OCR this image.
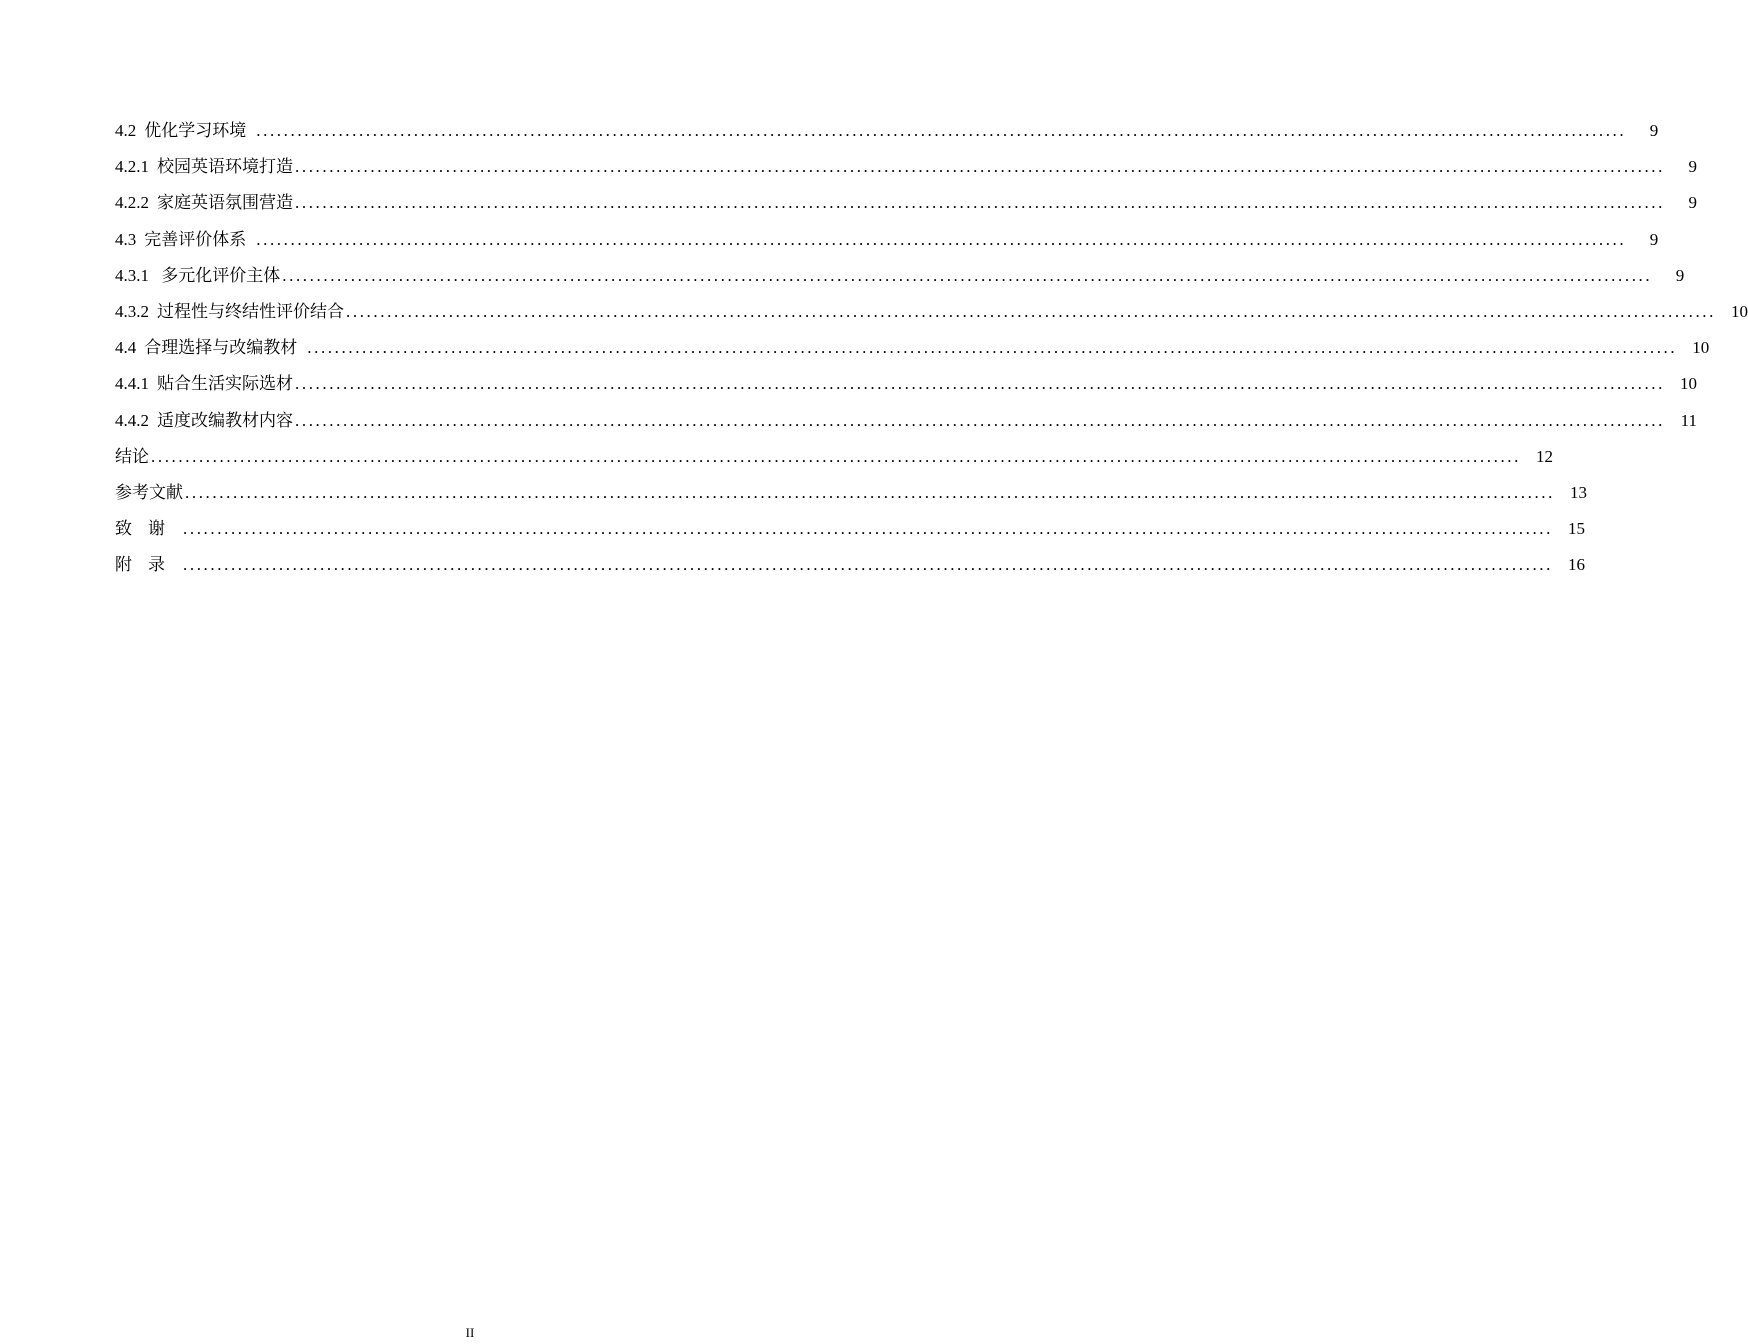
4.2 优化学习环境 ........................................................................................................................................................................................................	9
4.2.1 校园英语环境打造 ........................................................................................................................................................................................................	9
4.2.2 家庭英语氛围营造 ........................................................................................................................................................................................................	9
4.3 完善评价体系 ........................................................................................................................................................................................................	9
4.3.1 多元化评价主体 ........................................................................................................................................................................................................	9
4.3.2 过程性与终结性评价结合 ........................................................................................................................................................................................................ 10
4.4 合理选择与改编教材 ........................................................................................................................................................................................................ 10
4.4.1 贴合生活实际选材 ........................................................................................................................................................................................................ 10
4.4.2 适度改编教材内容 ........................................................................................................................................................................................................ 11
结论 ........................................................................................................................................................................................................ 12
参考文献 ........................................................................................................................................................................................................ 13
致谢 ........................................................................................................................................................................................................ 15
附录 ........................................................................................................................................................................................................ 16
II
